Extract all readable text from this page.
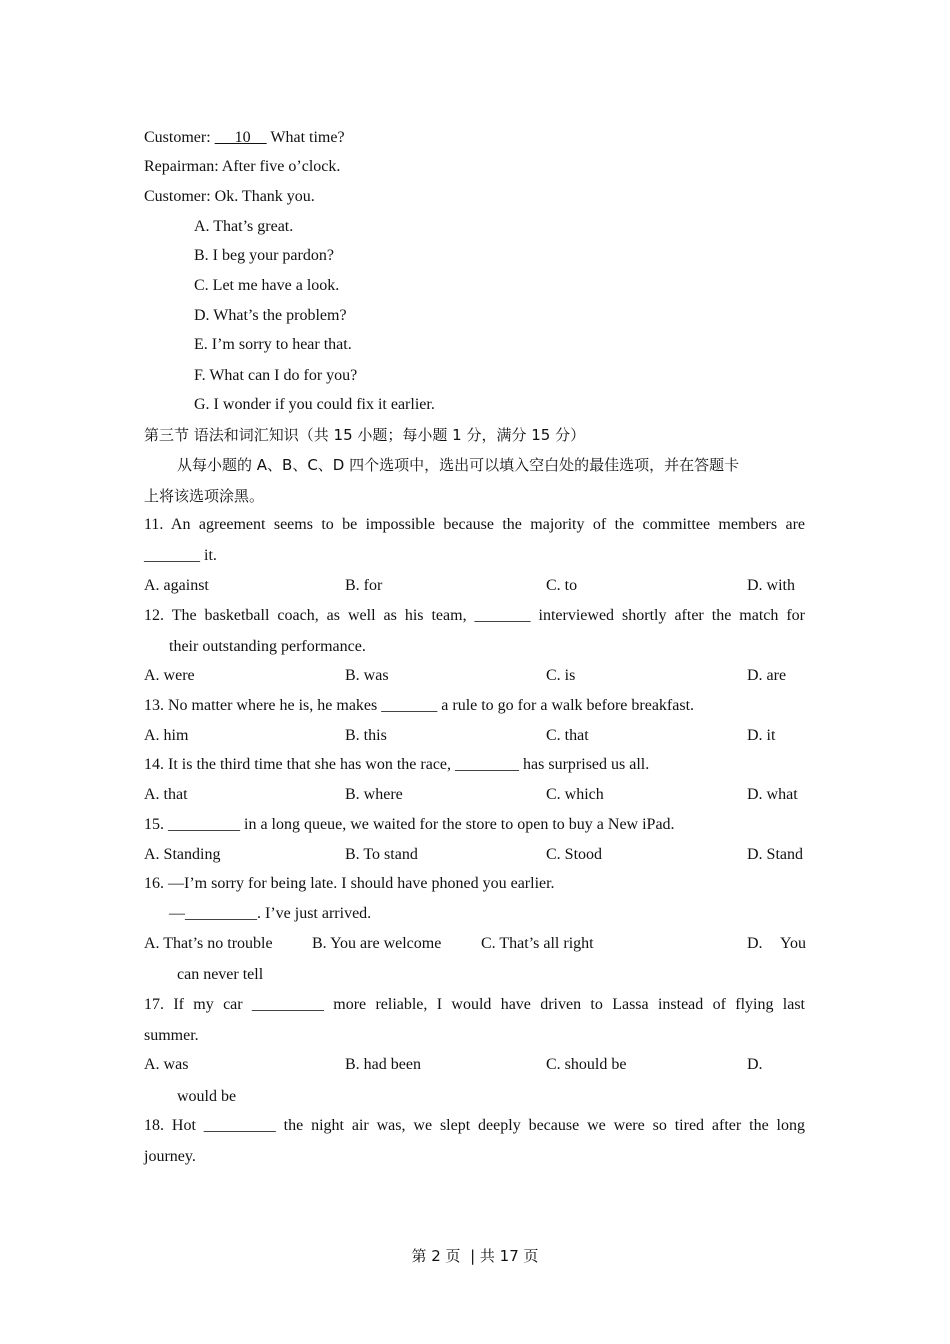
Customer:      10     What time?
Repairman: After five o’clock.
Customer: Ok. Thank you.
A. That’s great.
B. I beg your pardon?
C. Let me have a look.
D. What’s the problem?
E. I’m sorry to hear that.
F. What can I do for you?
G. I wonder if you could fix it earlier.
第三节 语法和词汇知识（共 15 小题；每小题 1 分，满分 15 分）
从每小题的 A、B、C、D 四个选项中，选出可以填入空白处的最佳选项，并在答题卡
上将该选项涂黑。
11. An agreement seems to be impossible because the majority of the committee members are
_______ it.
A. against	B. for	C. to	D. with
12. The basketball coach, as well as his team, _______ interviewed shortly after the match for
their outstanding performance.
A. were	B. was	C. is	D. are
13. No matter where he is, he makes _______ a rule to go for a walk before breakfast.
A. him	B. this	C. that	D. it
14. It is the third time that she has won the race, ________ has surprised us all.
A. that	B. where	C. which	D. what
15. _________ in a long queue, we waited for the store to open to buy a New iPad.
A. Standing	B. To stand	C. Stood	D. Stand
16. —I’m sorry for being late. I should have phoned you earlier.
—_________. I’ve just arrived.
A. That’s no trouble B. You are welcome C. That’s all right	D. You
can never tell
17. If my car _________ more reliable, I would have driven to Lassa instead of flying last
summer.
A. was	B. had been	C. should be	D.
would be
18. Hot _________ the night air was, we slept deeply because we were so tired after the long
journey.
第 2 页  | 共 17 页
